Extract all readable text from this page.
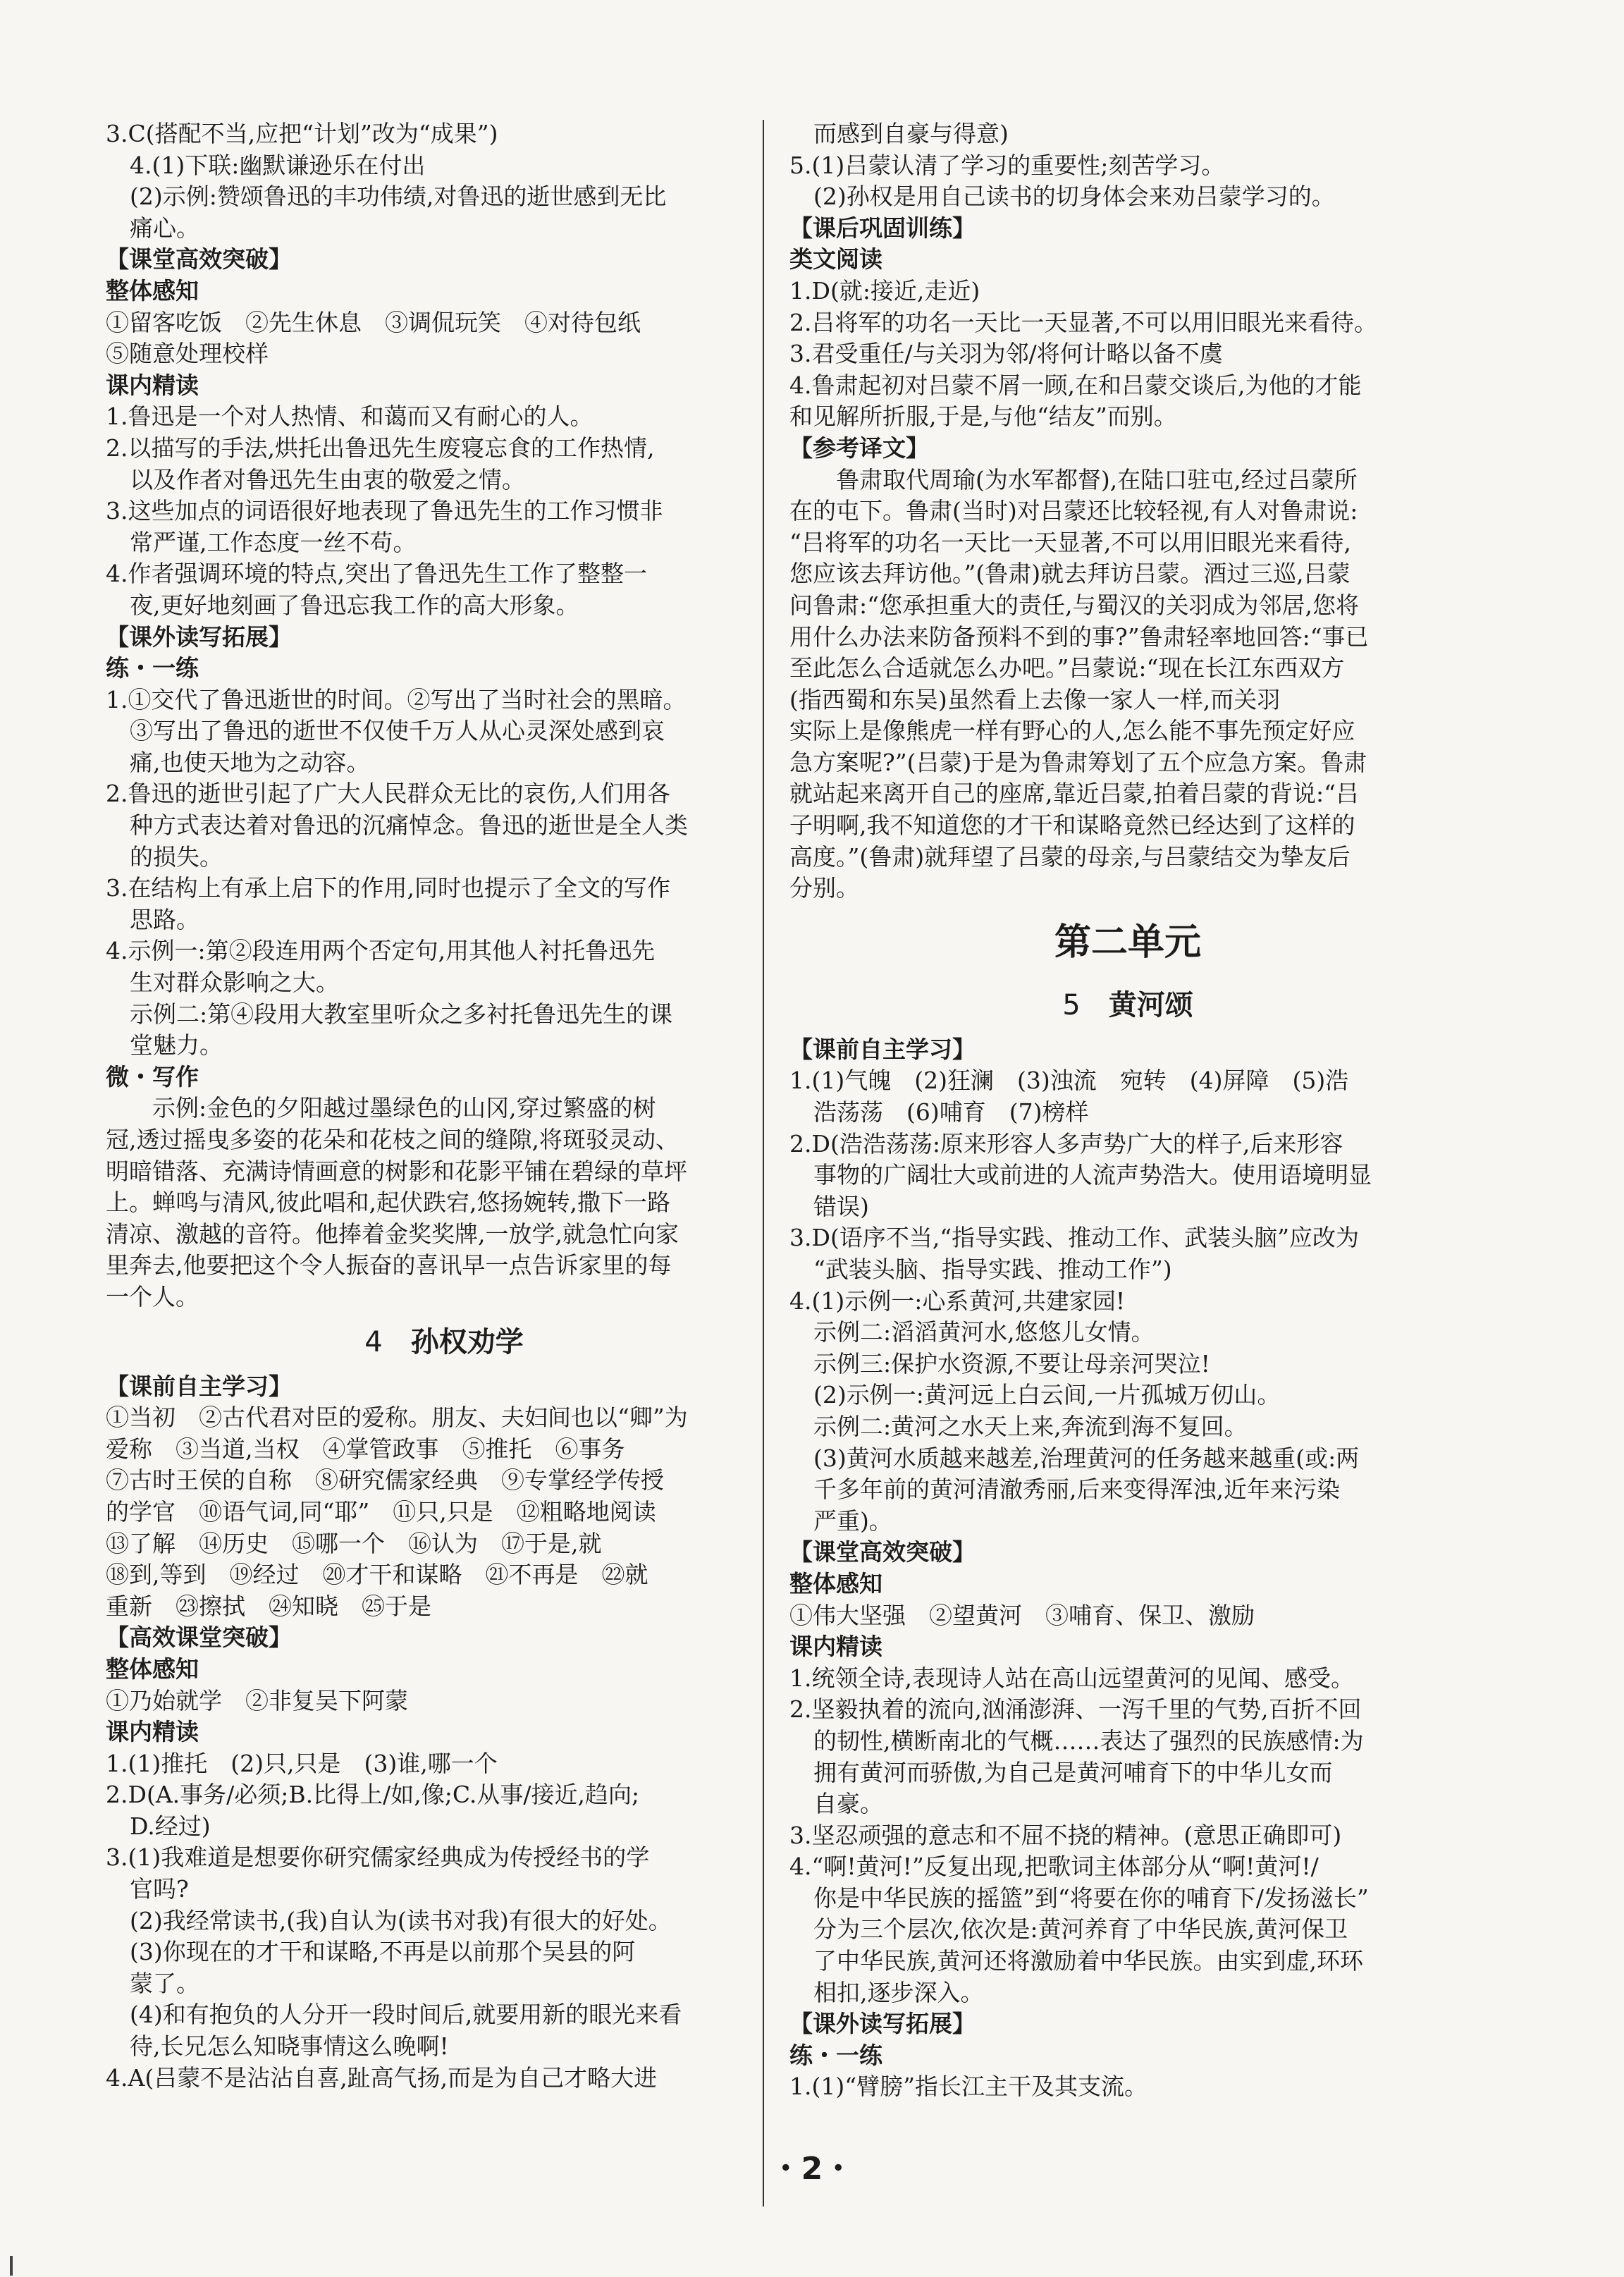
3.C(搭配不当,应把“计划”改为“成果”)
4.(1)下联:幽默谦逊乐在付出
(2)示例:赞颂鲁迅的丰功伟绩,对鲁迅的逝世感到无比
痛心。
【课堂高效突破】
整体感知
①留客吃饭　②先生休息　③调侃玩笑　④对待包纸
⑤随意处理校样
课内精读
1.鲁迅是一个对人热情、和蔼而又有耐心的人。
2.以描写的手法,烘托出鲁迅先生废寝忘食的工作热情,
以及作者对鲁迅先生由衷的敬爱之情。
3.这些加点的词语很好地表现了鲁迅先生的工作习惯非
常严谨,工作态度一丝不苟。
4.作者强调环境的特点,突出了鲁迅先生工作了整整一
夜,更好地刻画了鲁迅忘我工作的高大形象。
【课外读写拓展】
练・一练
1.①交代了鲁迅逝世的时间。②写出了当时社会的黑暗。
③写出了鲁迅的逝世不仅使千万人从心灵深处感到哀
痛,也使天地为之动容。
2.鲁迅的逝世引起了广大人民群众无比的哀伤,人们用各
种方式表达着对鲁迅的沉痛悼念。鲁迅的逝世是全人类
的损失。
3.在结构上有承上启下的作用,同时也提示了全文的写作
思路。
4.示例一:第②段连用两个否定句,用其他人衬托鲁迅先
生对群众影响之大。
示例二:第④段用大教室里听众之多衬托鲁迅先生的课
堂魅力。
微・写作
示例:金色的夕阳越过墨绿色的山冈,穿过繁盛的树
冠,透过摇曳多姿的花朵和花枝之间的缝隙,将斑驳灵动、
明暗错落、充满诗情画意的树影和花影平铺在碧绿的草坪
上。蝉鸣与清风,彼此唱和,起伏跌宕,悠扬婉转,撒下一路
清凉、激越的音符。他捧着金奖奖牌,一放学,就急忙向家
里奔去,他要把这个令人振奋的喜讯早一点告诉家里的每
一个人。
4 孙权劝学
【课前自主学习】
①当初　②古代君对臣的爱称。朋友、夫妇间也以“卿”为
爱称　③当道,当权　④掌管政事　⑤推托　⑥事务
⑦古时王侯的自称　⑧研究儒家经典　⑨专掌经学传授
的学官　⑩语气词,同“耶”　⑪只,只是　⑫粗略地阅读
⑬了解　⑭历史　⑮哪一个　⑯认为　⑰于是,就
⑱到,等到　⑲经过　⑳才干和谋略　㉑不再是　㉒就
重新　㉓擦拭　㉔知晓　㉕于是
【高效课堂突破】
整体感知
①乃始就学　②非复吴下阿蒙
课内精读
1.(1)推托　(2)只,只是　(3)谁,哪一个
2.D(A.事务/必须;B.比得上/如,像;C.从事/接近,趋向;
D.经过)
3.(1)我难道是想要你研究儒家经典成为传授经书的学
官吗?
(2)我经常读书,(我)自认为(读书对我)有很大的好处。
(3)你现在的才干和谋略,不再是以前那个吴县的阿
蒙了。
(4)和有抱负的人分开一段时间后,就要用新的眼光来看
待,长兄怎么知晓事情这么晚啊!
4.A(吕蒙不是沾沾自喜,趾高气扬,而是为自己才略大进
而感到自豪与得意)
5.(1)吕蒙认清了学习的重要性;刻苦学习。
(2)孙权是用自己读书的切身体会来劝吕蒙学习的。
【课后巩固训练】
类文阅读
1.D(就:接近,走近)
2.吕将军的功名一天比一天显著,不可以用旧眼光来看待。
3.君受重任/与关羽为邻/将何计略以备不虞
4.鲁肃起初对吕蒙不屑一顾,在和吕蒙交谈后,为他的才能
和见解所折服,于是,与他“结友”而别。
【参考译文】
鲁肃取代周瑜(为水军都督),在陆口驻屯,经过吕蒙所
在的屯下。鲁肃(当时)对吕蒙还比较轻视,有人对鲁肃说:
“吕将军的功名一天比一天显著,不可以用旧眼光来看待,
您应该去拜访他。”(鲁肃)就去拜访吕蒙。酒过三巡,吕蒙
问鲁肃:“您承担重大的责任,与蜀汉的关羽成为邻居,您将
用什么办法来防备预料不到的事?”鲁肃轻率地回答:“事已
至此怎么合适就怎么办吧。”吕蒙说:“现在长江东西双方
(指西蜀和东吴)虽然看上去像一家人一样,而关羽
实际上是像熊虎一样有野心的人,怎么能不事先预定好应
急方案呢?”(吕蒙)于是为鲁肃筹划了五个应急方案。鲁肃
就站起来离开自己的座席,靠近吕蒙,拍着吕蒙的背说:“吕
子明啊,我不知道您的才干和谋略竟然已经达到了这样的
高度。”(鲁肃)就拜望了吕蒙的母亲,与吕蒙结交为挚友后
分别。
第二单元
5 黄河颂
【课前自主学习】
1.(1)气魄　(2)狂澜　(3)浊流　宛转　(4)屏障　(5)浩
浩荡荡　(6)哺育　(7)榜样
2.D(浩浩荡荡:原来形容人多声势广大的样子,后来形容
事物的广阔壮大或前进的人流声势浩大。使用语境明显
错误)
3.D(语序不当,“指导实践、推动工作、武装头脑”应改为
“武装头脑、指导实践、推动工作”)
4.(1)示例一:心系黄河,共建家园!
示例二:滔滔黄河水,悠悠儿女情。
示例三:保护水资源,不要让母亲河哭泣!
(2)示例一:黄河远上白云间,一片孤城万仞山。
示例二:黄河之水天上来,奔流到海不复回。
(3)黄河水质越来越差,治理黄河的任务越来越重(或:两
千多年前的黄河清澈秀丽,后来变得浑浊,近年来污染
严重)。
【课堂高效突破】
整体感知
①伟大坚强　②望黄河　③哺育、保卫、激励
课内精读
1.统领全诗,表现诗人站在高山远望黄河的见闻、感受。
2.坚毅执着的流向,汹涌澎湃、一泻千里的气势,百折不回
的韧性,横断南北的气概……表达了强烈的民族感情:为
拥有黄河而骄傲,为自己是黄河哺育下的中华儿女而
自豪。
3.坚忍顽强的意志和不屈不挠的精神。(意思正确即可)
4.“啊!黄河!”反复出现,把歌词主体部分从“啊!黄河!/
你是中华民族的摇篮”到“将要在你的哺育下/发扬滋长”
分为三个层次,依次是:黄河养育了中华民族,黄河保卫
了中华民族,黄河还将激励着中华民族。由实到虚,环环
相扣,逐步深入。
【课外读写拓展】
练・一练
1.(1)“臂膀”指长江主干及其支流。
・2・
